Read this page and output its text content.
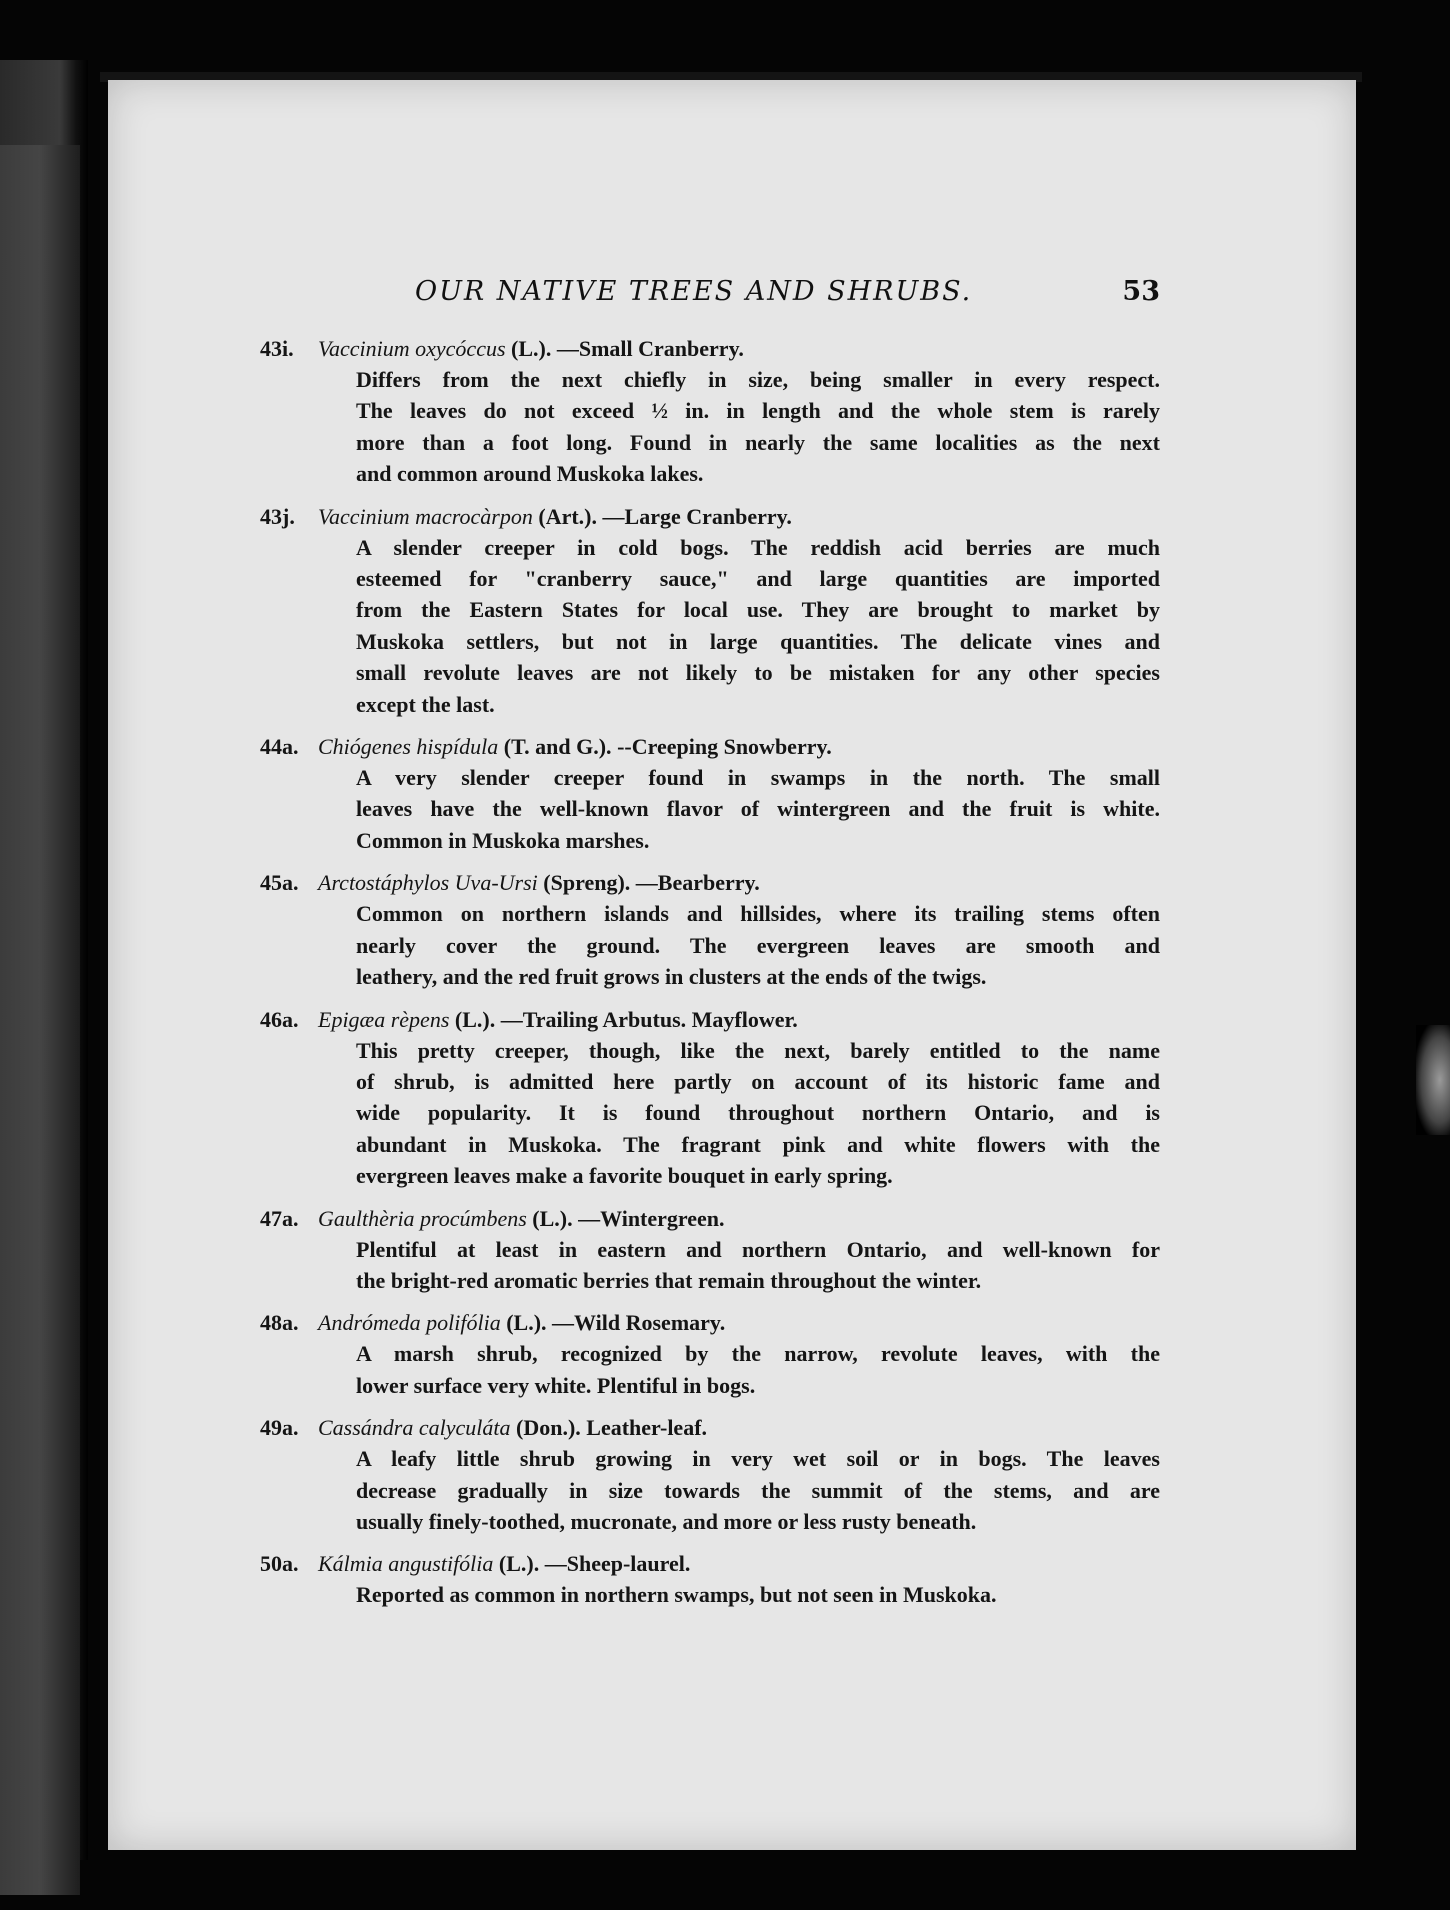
OUR NATIVE TREES AND SHRUBS.	53
43i. Vaccinium oxycóccus (L.). —Small Cranberry.
Differs from the next chiefly in size, being smaller in every respect.
The leaves do not exceed ½ in. in length and the whole stem is rarely
more than a foot long. Found in nearly the same localities as the next
and common around Muskoka lakes.
43j. Vaccinium macrocàrpon (Art.). —Large Cranberry.
A slender creeper in cold bogs. The reddish acid berries are much
esteemed for "cranberry sauce," and large quantities are imported
from the Eastern States for local use. They are brought to market by
Muskoka settlers, but not in large quantities. The delicate vines and
small revolute leaves are not likely to be mistaken for any other species
except the last.
44a. Chiógenes hispídula (T. and G.). --Creeping Snowberry.
A very slender creeper found in swamps in the north. The small
leaves have the well-known flavor of wintergreen and the fruit is white.
Common in Muskoka marshes.
45a. Arctostáphylos Uva-Ursi (Spreng). —Bearberry.
Common on northern islands and hillsides, where its trailing stems often
nearly cover the ground. The evergreen leaves are smooth and
leathery, and the red fruit grows in clusters at the ends of the twigs.
46a. Epigæa rèpens (L.). —Trailing Arbutus. Mayflower.
This pretty creeper, though, like the next, barely entitled to the name
of shrub, is admitted here partly on account of its historic fame and
wide popularity. It is found throughout northern Ontario, and is
abundant in Muskoka. The fragrant pink and white flowers with the
evergreen leaves make a favorite bouquet in early spring.
47a. Gaulthèria procúmbens (L.). —Wintergreen.
Plentiful at least in eastern and northern Ontario, and well-known for
the bright-red aromatic berries that remain throughout the winter.
48a. Andrómeda polifólia (L.). —Wild Rosemary.
A marsh shrub, recognized by the narrow, revolute leaves, with the
lower surface very white. Plentiful in bogs.
49a. Cassándra calyculáta (Don.). Leather-leaf.
A leafy little shrub growing in very wet soil or in bogs. The leaves
decrease gradually in size towards the summit of the stems, and are
usually finely-toothed, mucronate, and more or less rusty beneath.
50a. Kálmia angustifólia (L.). —Sheep-laurel.
Reported as common in northern swamps, but not seen in Muskoka.
